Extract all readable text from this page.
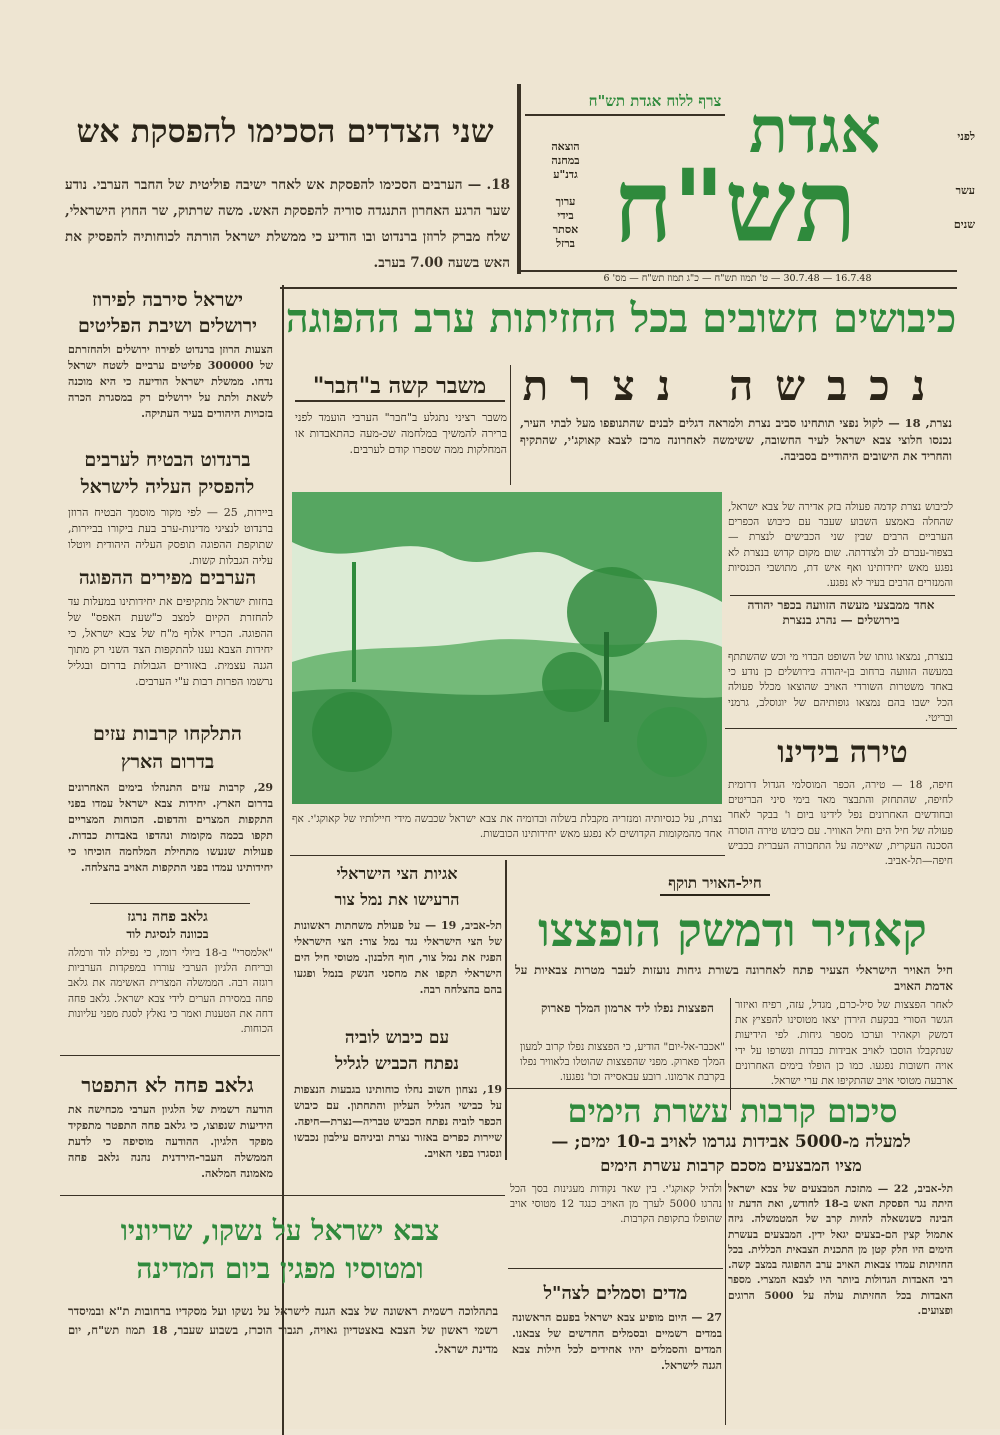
צרף ללוח אגדת תש"ח אגדת
תש"ח
לפני
עשר
שנים
הוצאה
במחנה
גדנ"ע
ערוך
בידי
אסתר
ברזל
16.7.48 — 30.7.48 — ט' תמוז תש"ח — כ"ג תמוז תש"ח — מס' 6
שני הצדדים הסכימו להפסקת אש
18. — הערבים הסכימו להפסקת אש לאחר ישיבה פוליטית של החבר הערבי. נודע שער הרגע האחרון התנגדה סוריה להפסקת האש. משה שרתוק, שר החוץ הישראלי, שלח מברק לרוזן ברנדוט ובו הודיע כי ממשלת ישראל הורתה לכוחותיה להפסיק את האש בשעה 7.00 בערב.
כיבושים חשובים בכל החזיתות ערב ההפוגה
ישראל סירבה לפירוז
ירושלים ושיבת הפליטים
הצעות הרוזן ברנדוט לפירוז ירושלים ולהחזרתם של 300000 פליטים ערביים לשטח ישראל נדחו. ממשלת ישראל הודיעה כי היא מוכנה לשאת ולתת על ירושלים רק במסגרת הכרה בזכויות היהודים בעיר העתיקה.
ברנדוט הבטיח לערבים
להפסיק העליה לישראל
ביירות, 25 — לפי מקור מוסמך הבטיח הרוזן ברנדוט לנציגי מדינות-ערב בעת ביקורו בביירות, שתוקפת ההפוגה תופסק העליה היהודית ויוטלו עליה הגבלות קשות.
הערבים מפירים ההפוגה
בחזות ישראל מתקיפים את יחידותינו במעלות עד להחזרת הקיום למצב כ"שעת האפס" של ההפוגה. הכריז אלוף מ"ח של צבא ישראל, כי יחידות הצבא נענו להתקפות הצד השני רק מתוך הגנה עצמית. באזורים הגבולות בדרום ובגליל נרשמו הפרות רבות ע"י הערבים.
התלקחו קרבות עזים
בדרום הארץ
29, קרבות עזים התנהלו בימים האחרונים בדרום הארץ. יחידות צבא ישראל עמדו בפני התקפות המצרים והדפום. הכוחות המצריים תקפו בכמה מקומות ונהדפו באבדות כבדות. פעולות שנעשו מתחילת המלחמה הוכיחו כי יחידותינו עמדו בפני התקפות האויב בהצלחה.
גלאב פחה נרגז
בכוונה לנסיגת לוד
"אלמסרי" ב-18 ביולי רומז, כי נפילת לוד ורמלה ובריחת הלגיון הערבי עוררו במפקדות הערביות רוגזה רבה. הממשלה המצרית האשימה את גלאב פחה במסירת הערים לידי צבא ישראל. גלאב פחה דחה את הטענות ואמר כי נאלץ לסגת מפני עליונות הכוחות.
גלאב פחה לא התפטר
הודעה רשמית של הלגיון הערבי מכחישה את הידיעות שנפוצו, כי גלאב פחה התפטר מתפקיד מפקד הלגיון. ההודעה מוסיפה כי לדעת הממשלה העבר-הירדנית נהנה גלאב פחה מאמונה המלאה.
משבר קשה ב"חבר"
משבר רציני נתגלע ב"חבר" הערבי הועמד לפני ברירה להמשיך במלחמה שכ-מעה כהתאבדות או המחלקות ממה שספרו קודם לערבים.
נכבשה נצרת
נצרת, 18 — לקול נפצי תותחינו סביב נצרת ולמראה דגלים לבנים שהתנופפו מעל לבתי העיר, נכנסו חלוצי צבא ישראל לעיר החשובה, ששימשה לאחרונה מרכז לצבא קאוקג'י, שהתקיף והחריד את הישובים היהודיים בסביבה.
לכיבוש נצרת קדמה פעולה בזק אדירה של צבא ישראל, שהחלה באמצע השבוע שעבר עם כיבוש הכפרים הערביים הרבים שבין שני הכבישים לנצרת — בצפור-עברם לב ולצדדתה. שום מקום קדוש בנצרת לא נפגע מאש יחידותינו ואף איש דת, מתושבי הכנסיות והמנזרים הרבים בעיר לא נפגע.
אחד ממבצעי מעשה הזוועה בכפר יהודה בירושלים — נהרג בנצרת
בנצרת, נמצאו גוותו של השופט הבדוי מי וכש שהשתתף במעשה הזוועה ברחוב בן-יהודה בירושלים כן נודע כי באחד משטרות השורדי האויב שהוצאו מכלל פעולה הכל ישבו בהם נמצאו גופותיהם של יוגוסלב, גרמני ובריטי.
נצרת, על כנסיותיה ומנזריה מקבלת בשלוה ובדומיה את צבא ישראל שכבשה מידי חיילותיו של קאוקג'י. אף אחד מהמקומות הקדושים לא נפגע מאש יחידותינו הכובשות.
טירה בידינו
חיפה, 18 — טירה, הכפר המוסלמי הגדול דרומית לחיפה, שהתחזק והתבצר מאד בימי סיני הבריטים ובחודשים האחרונים נפל לידינו ביום ו' בבקר לאחר פעולה של חיל הים וחיל האוויר. עם כיבוש טירה הוסרה הסכנה העקרית, שאיימה על התחבורה העברית בכביש חיפה—תל-אביב.
חיל-האויר תוקף
קאהיר ודמשק הופצצו
חיל האויר הישראלי הצעיר פתח לאחרונה בשורת גיחות נועזות לעבר מטרות צבאיות על אדמת האויב
לאחר הפצצות של סיל-כרם, מגדל, עזה, רפיח ואיזור הגשר הסורי בבקעת הירדן יצאו מטוסינו להפציץ את דמשק וקאהיר וערכו מספר גיחות. לפי הידיעות שנתקבלו הוסבו לאויב אבידות כבדות ונשרפו על ידי אויה חשובות נפגעו. כמו כן הופלו בימים האחרונים ארבעה מטוסי אויב שהתקיפו את ערי ישראל.
הפצצות נפלו ליד ארמון המלך פארוק
"אכבר-אל-יום" הודיע, כי הפצצות נפלו קרוב למעון המלך פארוק. מפני שהפצצות שהוטלו בלאוויר נפלו בקרבת ארמונו. רובע עבאסייה וכו' נפגעו.
אגיות הצי הישראלי
הרעישו את נמל צור
תל-אביב, 19 — על פעולת משחתות ראשונות של הצי הישראלי נגד נמל צור: הצי הישראלי הפגיז את נמל צור, חוף הלבנון. מטוסי חיל הים הישראלי תקפו את מחסני הנשק בנמל ופגעו בהם בהצלחה רבה.
עם כיבוש לוביה
נפתח הכביש לגליל
19, נצחון חשוב נחלו כוחותינו בגבעות הנצפות על כבישי הגליל העליון והתחתון. עם כיבוש הכפר לוביה נפתח הכביש טבריה—נצרת—חיפה. שיירות כפרים באזור נצרת וביניהם עילבון נכבשו ונסגרו בפני האויב.
סיכום קרבות עשרת הימים
למעלה מ-5000 אבידות נגרמו לאויב ב-10 ימים; —
מציו המבצעים מסכם קרבות עשרת הימים
תל-אביב, 22 — מתזכת המבצעים של צבא ישראל היתה נגר הפסקת האש ב-18 לחודש, ואת הדעת זו הבינה כשנשאלה להיות קרב של המטמשלה. גיזה אתמול קצין הם-בצעים יגאל ידין. המבצעים בעשרת הימים היו חלק קטן מן התכנית הצבאית הכללית. בכל החזיתות עמדו צבאות האויב ערב ההפוגה במצב קשה. רבי האבדות הגדולות ביותר היו לצבא המצרי. מספר האבדות בכל החזיתות עולה על 5000 הרוגים ופצועים.
ולהיל קאוקג'י. בין שאר נקודות מעגינות בסך הכל נהרגו 5000 לערך מן האויב כנגד 12 מטוסי אויב שהופלו בתקופת הקרבות.
מדים וסמלים לצה"ל
27 — היום מופיע צבא ישראל בפעם הראשונה במדים רשמיים ובסמלים החדשים של צבאנו. המדים והסמלים יהיו אחידים לכל חילות צבא הגנה לישראל.
צבא ישראל על נשקו, שריוניו
ומטוסיו מפגין ביום המדינה
בתהלוכה רשמית ראשונה של צבא הגנה לישראל על נשקו ועל מסקדיו ברחובות ת"א ובמיסדר רשמי ראשון של הצבא באצטדיון גאויה, תגבור הוכרז, בשבוע שעבר, 18 תמוז תש"ח, יום מדינת ישראל.
